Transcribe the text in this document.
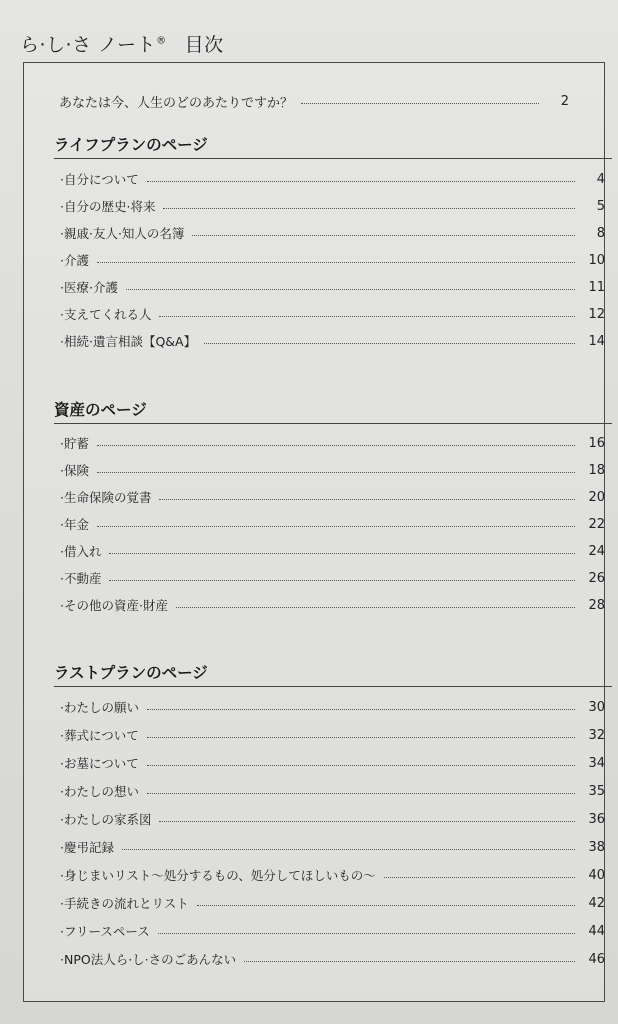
ら·し·さ ノート® 目次
あなたは今、人生のどのあたりですか？	2
ライフプランのページ
·自分について	4
·自分の歴史·将来	5
·親戚·友人·知人の名簿	8
·介護	10
·医療·介護	11
·支えてくれる人	12
·相続·遺言相談【Q&A】	14
資産のページ
·貯蓄	16
·保険	18
·生命保険の覚書	20
·年金	22
·借入れ	24
·不動産	26
·その他の資産·財産	28
ラストプランのページ
·わたしの願い	30
·葬式について	32
·お墓について	34
·わたしの想い	35
·わたしの家系図	36
·慶弔記録	38
·身じまいリスト～処分するもの、処分してほしいもの～	40
·手続きの流れとリスト	42
·フリースペース	44
·NPO法人ら·し·さのごあんない	46
